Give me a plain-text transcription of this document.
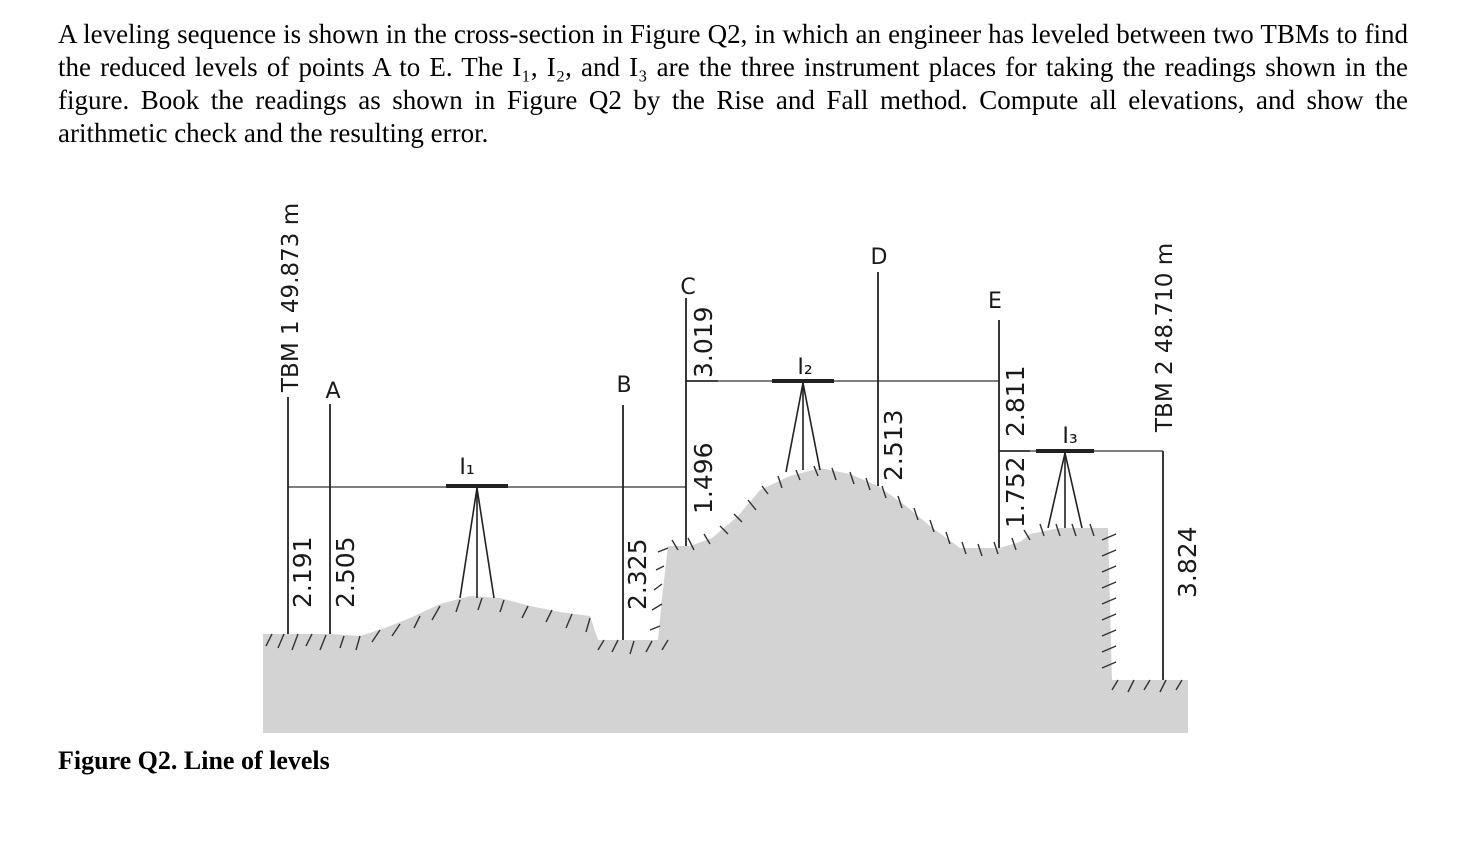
A leveling sequence is shown in the cross-section in Figure Q2, in which an engineer has leveled between two TBMs to find the reduced levels of points A to E. The I₁, I₂, and I₃ are the three instrument places for taking the readings shown in the figure. Book the readings as shown in Figure Q2 by the Rise and Fall method. Compute all elevations, and show the arithmetic check and the resulting error.

A	B
C
D
E
I₁
I₂
I₃
TBM 1 49.873 m	TBM 2 48.710 m
2.191 2.505	2.325
1.496
3.019
2.513
1.752
2.811
3.824
Figure Q2. Line of levels
